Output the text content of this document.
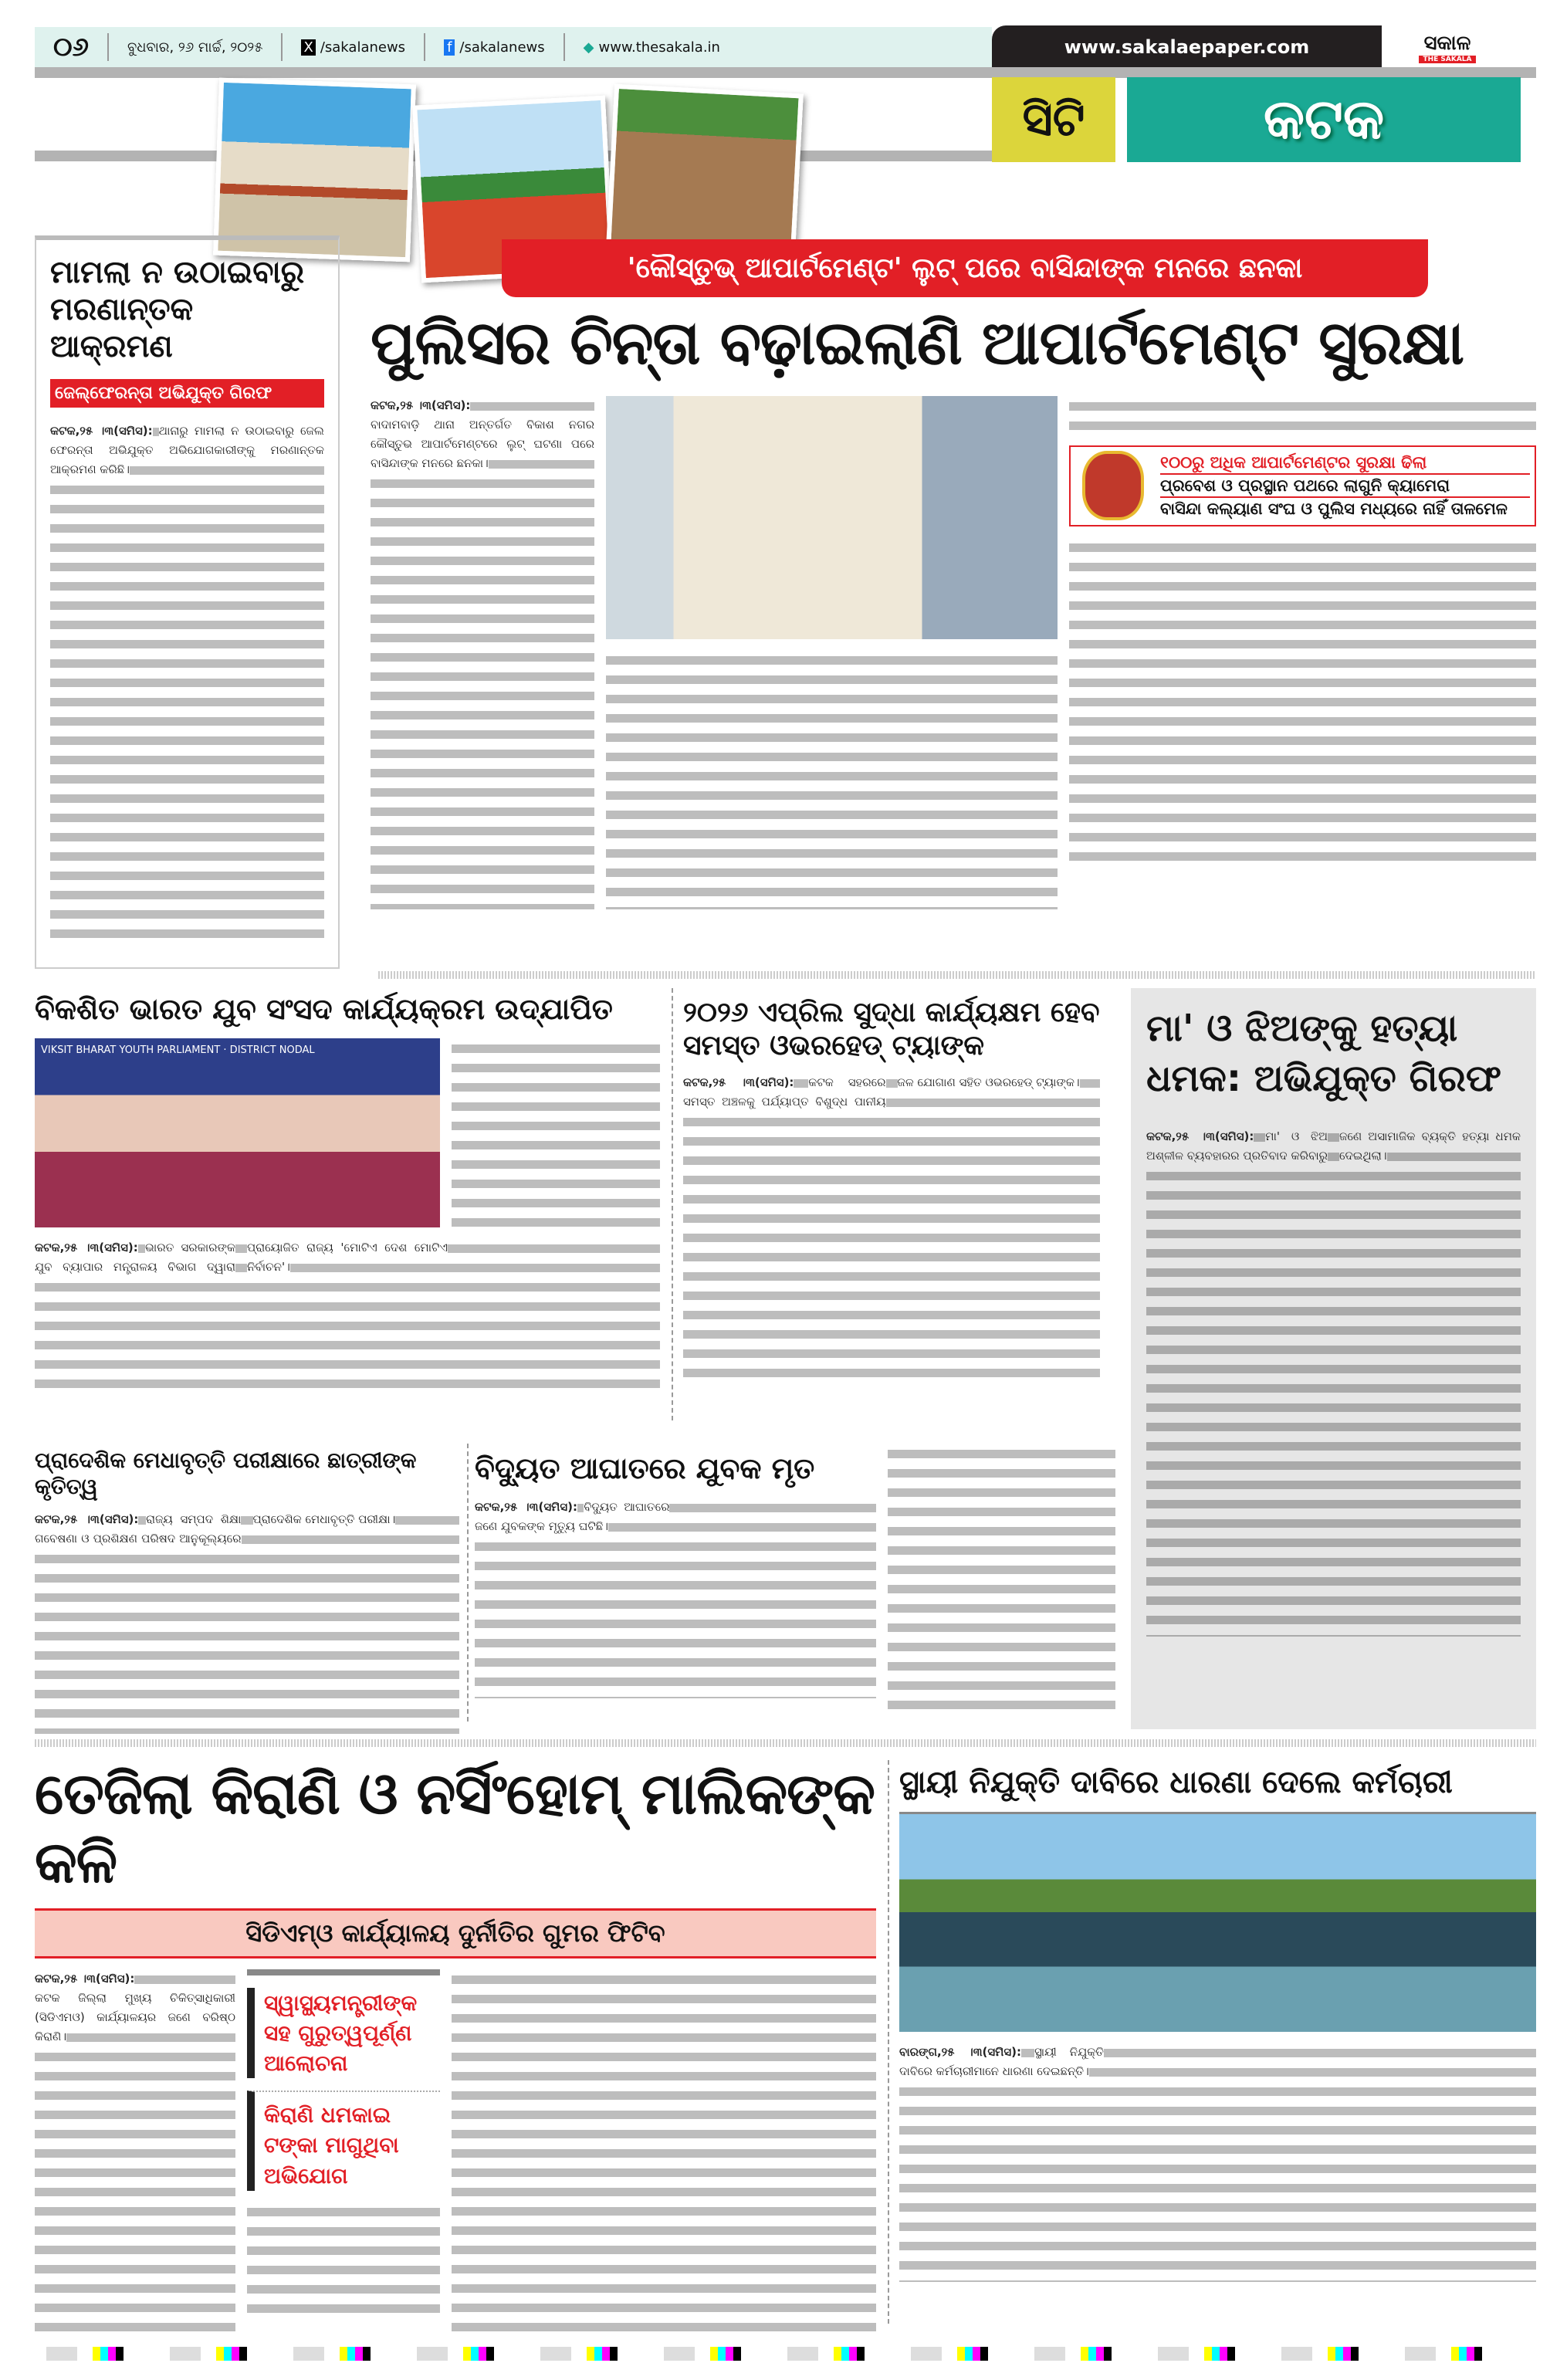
୦୬	ବୁଧବାର, ୨୬ ମାର୍ଚ୍ଚ, ୨୦୨୫	X /sakalanews	f /sakalanews	◆ www.thesakala.in	www.sakalaepaper.com	ସକାଳ
THE SAKALA
ସିଟି	କଟକ
ମାମଲା ନ ଉଠାଇବାରୁ ମରଣାନ୍ତକ ଆକ୍ରମଣ
ଜେଲ୍‌ଫେରନ୍ତା ଅଭିଯୁକ୍ତ ଗିରଫ
କଟକ,୨୫ ।୩(ସମିସ): ଥାନାରୁ ମାମଲା ନ ଉଠାଇବାରୁ ଜେଲ ଫେରନ୍ତା ଅଭିଯୁକ୍ତ ଅଭିଯୋଗକାରୀଙ୍କୁ ମରଣାନ୍ତକ ଆକ୍ରମଣ କରିଛି।
'କୌସ୍ତୁଭ୍ ଆପାର୍ଟମେଣ୍ଟ' ଲୁଟ୍ ପରେ ବାସିନ୍ଦାଙ୍କ ମନରେ ଛନକା
ପୁଲିସର ଚିନ୍ତା ବଢ଼ାଇଲାଣି ଆପାର୍ଟମେଣ୍ଟ ସୁରକ୍ଷା
କଟକ,୨୫ ।୩(ସମିସ):
ବାଦାମବାଡ଼ି ଥାନା ଅନ୍ତର୍ଗତ ବିକାଶ ନଗର କୌସ୍ତୁଭ ଆପାର୍ଟମେଣ୍ଟରେ ଲୁଟ୍ ଘଟଣା ପରେ ବାସିନ୍ଦାଙ୍କ ମନରେ ଛନକା।	୧୦୦ରୁ ଅଧିକ ଆପାର୍ଟମେଣ୍ଟର ସୁରକ୍ଷା ଢିଲା
ପ୍ରବେଶ ଓ ପ୍ରସ୍ଥାନ ପଥରେ ଲାଗୁନି କ୍ୟାମେରା
ବାସିନ୍ଦା କଲ୍ୟାଣ ସଂଘ ଓ ପୁଲିସ ମଧ୍ୟରେ ନାହିଁ ତାଳମେଳ
ବିକଶିତ ଭାରତ ଯୁବ ସଂସଦ କାର୍ଯ୍ୟକ୍ରମ ଉଦ୍‌ଯାପିତ
VIKSIT BHARAT YOUTH PARLIAMENT · DISTRICT NODAL
କଟକ,୨୫ ।୩(ସମିସ): ଭାରତ ସରକାରଙ୍କ ଯୁବ ବ୍ୟାପାର ମନ୍ତ୍ରାଳୟ ବିଭାଗ ଦ୍ୱାରା ପ୍ରାୟୋଜିତ ରାଜ୍ୟ 'ମୋଟିଏ ଦେଶ ମୋଟିଏ ନିର୍ବାଚନ'।
୨୦୨୬ ଏପ୍ରିଲ ସୁଦ୍ଧା କାର୍ଯ୍ୟକ୍ଷମ ହେବ ସମସ୍ତ ଓଭରହେଡ୍ ଟ୍ୟାଙ୍କ
କଟକ,୨୫ ।୩(ସମିସ): କଟକ ସହରରେ ସମସ୍ତ ଅଞ୍ଚଳକୁ ପର୍ଯ୍ୟାପ୍ତ ବିଶୁଦ୍ଧ ପାନୀୟ ଜଳ ଯୋଗାଣ ସହିତ ଓଭରହେଡ୍ ଟ୍ୟାଙ୍କ।
ମା' ଓ ଝିଅଙ୍କୁ ହତ୍ୟା ଧମକ: ଅଭିଯୁକ୍ତ ଗିରଫ
କଟକ,୨୫ ।୩(ସମିସ): ମା' ଓ ଝିଅ ଅଶ୍ଳୀଳ ବ୍ୟବହାରର ପ୍ରତିବାଦ କରିବାରୁ ଜଣେ ଅସାମାଜିକ ବ୍ୟକ୍ତି ହତ୍ୟା ଧମକ ଦେଇଥିଲା।
ପ୍ରାଦେଶିକ ମେଧାବୃତ୍ତି ପରୀକ୍ଷାରେ ଛାତ୍ରୀଙ୍କ କୃତିତ୍ୱ
କଟକ,୨୫ ।୩(ସମିସ): ରାଜ୍ୟ ସମ୍ପଦ ଶିକ୍ଷା ଗବେଷଣା ଓ ପ୍ରଶିକ୍ଷଣ ପରିଷଦ ଆନୁକୂଲ୍ୟରେ ପ୍ରାଦେଶିକ ମେଧାବୃତ୍ତି ପରୀକ୍ଷା।
ବିଦ୍ୟୁତ ଆଘାତରେ ଯୁବକ ମୃତ
କଟକ,୨୫ ।୩(ସମିସ): ବିଦ୍ୟୁତ ଆଘାତରେ ଜଣେ ଯୁବକଙ୍କ ମୃତ୍ୟୁ ଘଟିଛି।
ତେଜିଲା କିରାଣି ଓ ନର୍ସିଂହୋମ୍ ମାଲିକଙ୍କ କଳି
ସିଡିଏମ୍‌ଓ କାର୍ଯ୍ୟାଳୟ ଦୁର୍ନୀତିର ଗୁମର ଫିଟିବ
କଟକ,୨୫ ।୩(ସମିସ):
କଟକ ଜିଲ୍ଲା ମୁଖ୍ୟ ଚିକିତ୍ସାଧିକାରୀ (ସିଡିଏମଓ) କାର୍ଯ୍ୟାଳୟର ଜଣେ ବରିଷ୍ଠ କିରାଣି।
ସ୍ୱାସ୍ଥ୍ୟମନ୍ତ୍ରୀଙ୍କ ସହ ଗୁରୁତ୍ୱପୂର୍ଣ୍ଣ ଆଲୋଚନା
କିରାଣି ଧମକାଇ ଟଙ୍କା ମାଗୁଥିବା ଅଭିଯୋଗ
ସ୍ଥାୟୀ ନିଯୁକ୍ତି ଦାବିରେ ଧାରଣା ଦେଲେ କର୍ମଚାରୀ
ବାରଙ୍ଗ,୨୫ ।୩(ସମିସ): ସ୍ଥାୟୀ ନିଯୁକ୍ତି ଦାବିରେ କର୍ମଚାରୀମାନେ ଧାରଣା ଦେଇଛନ୍ତି।
